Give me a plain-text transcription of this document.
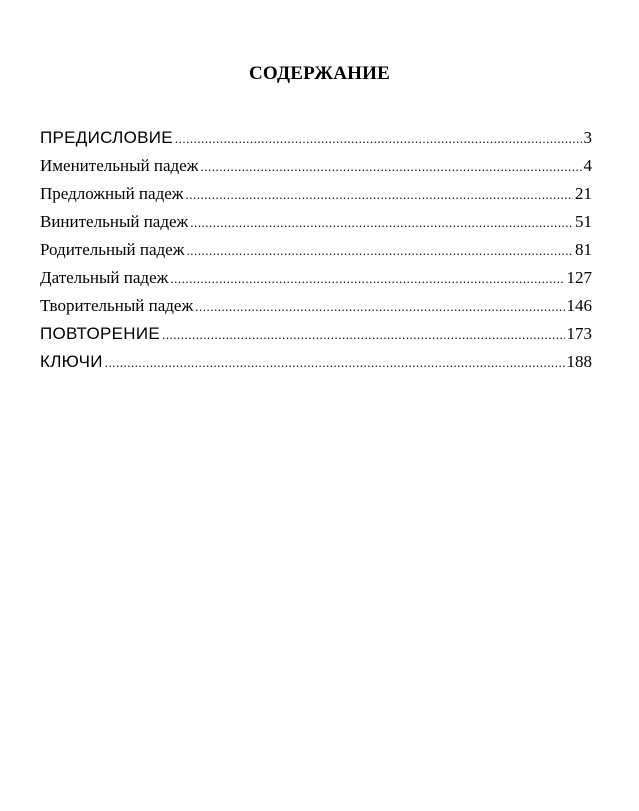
СОДЕРЖАНИЕ
ПРЕДИСЛОВИЕ .....	3
Именительный падеж .....	4
Предложный падеж .....	21
Винительный падеж .....	51
Родительный падеж .....	81
Дательный падеж .....	127
Творительный падеж .....	146
ПОВТОРЕНИЕ .....	173
КЛЮЧИ .....	188
